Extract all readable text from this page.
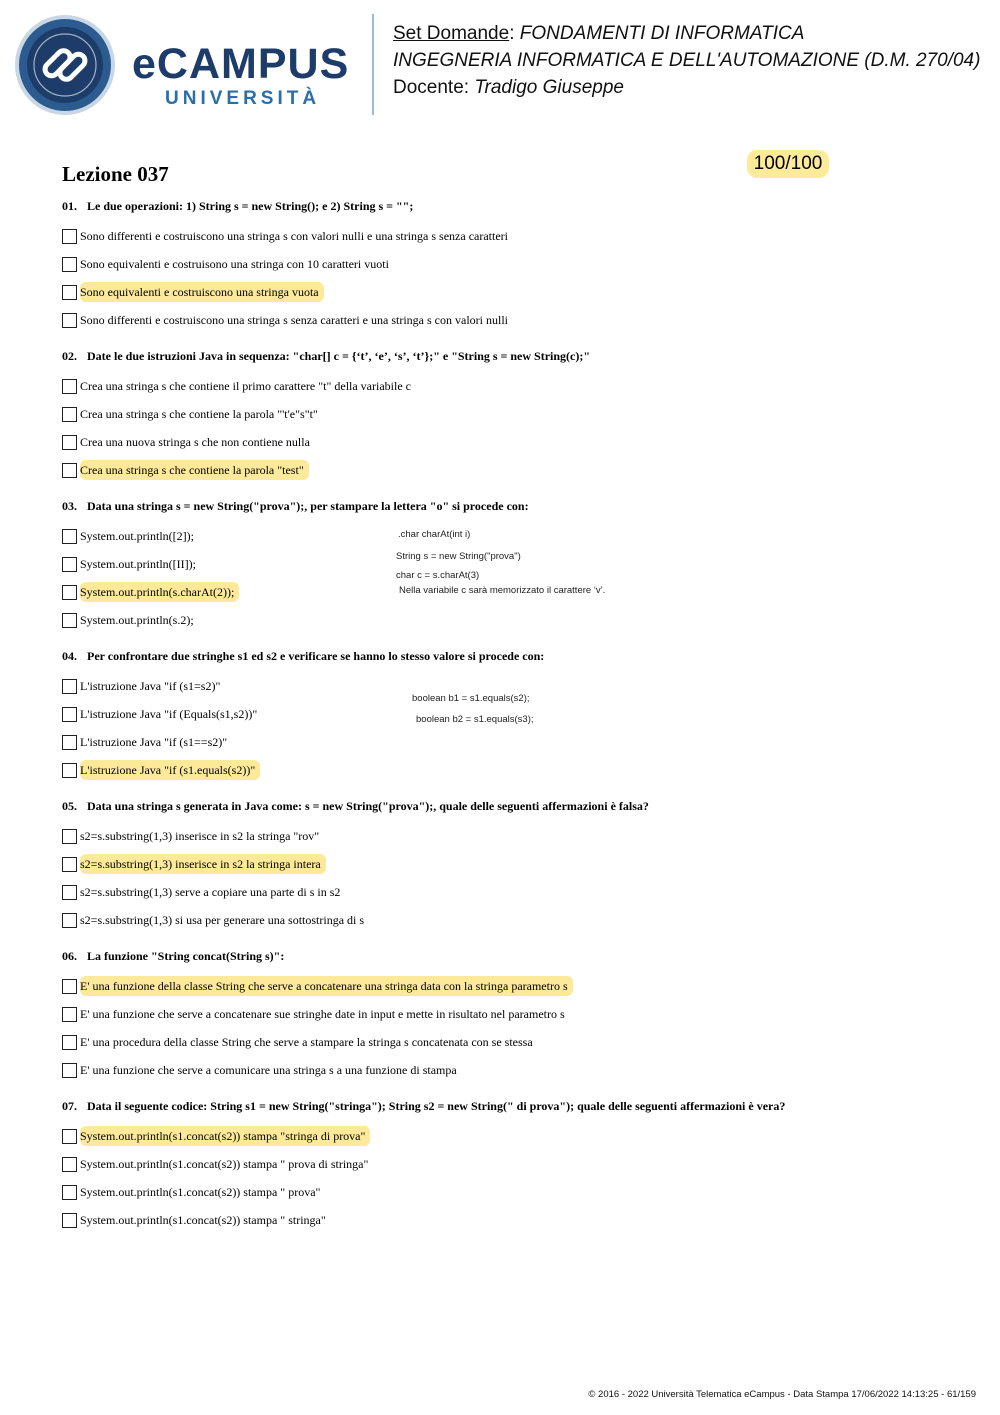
eCAMPUS
UNIVERSITÀ
Set Domande: FONDAMENTI DI INFORMATICA
INGEGNERIA INFORMATICA E DELL'AUTOMAZIONE (D.M. 270/04)
Docente: Tradigo Giuseppe
Lezione 037	100/100
01. Le due operazioni: 1) String s = new String(); e 2) String s = "";
Sono differenti e costruiscono una stringa s con valori nulli e una stringa s senza caratteri
Sono equivalenti e costruisono una stringa con 10 caratteri vuoti
Sono equivalenti e costruiscono una stringa vuota
Sono differenti e costruiscono una stringa s senza caratteri e una stringa s con valori nulli
02. Date le due istruzioni Java in sequenza: "char[] c = {‘t’, ‘e’, ‘s’, ‘t’};" e "String s = new String(c);"
Crea una stringa s che contiene il primo carattere "t" della variabile c
Crea una stringa s che contiene la parola "'t'e"s"t"
Crea una nuova stringa s che non contiene nulla
Crea una stringa s che contiene la parola "test"
03. Data una stringa s = new String("prova");, per stampare la lettera "o" si procede con:
System.out.println([2]);
System.out.println([II]);
System.out.println(s.charAt(2));
System.out.println(s.2);
04. Per confrontare due stringhe s1 ed s2 e verificare se hanno lo stesso valore si procede con:
L'istruzione Java "if (s1=s2)"
L'istruzione Java "if (Equals(s1,s2))"
L'istruzione Java "if (s1==s2)"
L'istruzione Java "if (s1.equals(s2))"
05. Data una stringa s generata in Java come: s = new String("prova");, quale delle seguenti affermazioni è falsa?
s2=s.substring(1,3) inserisce in s2 la stringa "rov"
s2=s.substring(1,3) inserisce in s2 la stringa intera
s2=s.substring(1,3) serve a copiare una parte di s in s2
s2=s.substring(1,3) si usa per generare una sottostringa di s
06. La funzione "String concat(String s)":
E' una funzione della classe String che serve a concatenare una stringa data con la stringa parametro s
E' una funzione che serve a concatenare sue stringhe date in input e mette in risultato nel parametro s
E' una procedura della classe String che serve a stampare la stringa s concatenata con se stessa
E' una funzione che serve a comunicare una stringa s a una funzione di stampa
07. Data il seguente codice: String s1 = new String("stringa"); String s2 = new String(" di prova"); quale delle seguenti affermazioni è vera?
System.out.println(s1.concat(s2)) stampa "stringa di prova"
System.out.println(s1.concat(s2)) stampa " prova di stringa"
System.out.println(s1.concat(s2)) stampa " prova"
System.out.println(s1.concat(s2)) stampa " stringa"
.char charAt(int i)
String s = new String("prova")
char c = s.charAt(3)
Nella variabile c sarà memorizzato il carattere ‘v’.
boolean b1 = s1.equals(s2);
boolean b2 = s1.equals(s3);
© 2016 - 2022 Università Telematica eCampus - Data Stampa 17/06/2022 14:13:25 - 61/159
